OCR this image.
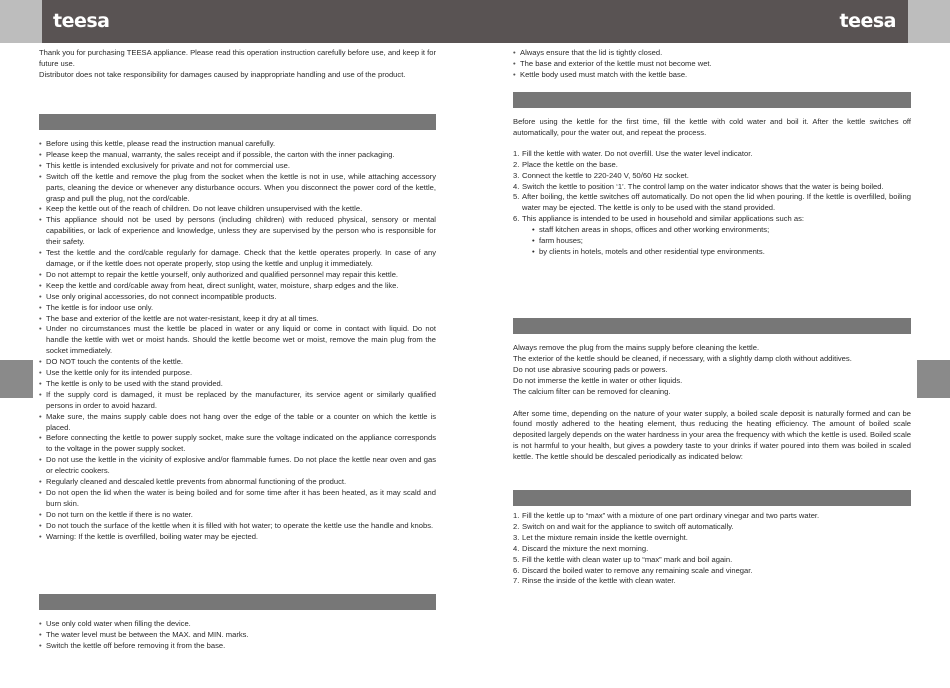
teesa	teesa

Thank you for purchasing TEESA appliance. Please read this operation instruction carefully before use, and keep it for future use.

Distributor does not take responsibility for damages caused by inappropriate handling and use of the product.

• Before using this kettle, please read the instruction manual carefully.
• Please keep the manual, warranty, the sales receipt and if possible, the carton with the inner packaging.
• This kettle is intended exclusively for private and not for commercial use.
• Switch off the kettle and remove the plug from the socket when the kettle is not in use, while attaching accessory parts, cleaning the device or whenever any disturbance occurs. When you disconnect the power cord of the kettle, grasp and pull the plug, not the cord/cable.
• Keep the kettle out of the reach of children. Do not leave children unsupervised with the kettle.
• This appliance should not be used by persons (including children) with reduced physical, sensory or mental capabilities, or lack of experience and knowledge, unless they are supervised by the person who is responsible for their safety.
• Test the kettle and the cord/cable regularly for damage. Check that the kettle operates properly. In case of any damage, or if the kettle does not operate properly, stop using the kettle and unplug it immediately.
• Do not attempt to repair the kettle yourself, only authorized and qualified personnel may repair this kettle.
• Keep the kettle and cord/cable away from heat, direct sunlight, water, moisture, sharp edges and the like.
• Use only original accessories, do not connect incompatible products.
• The kettle is for indoor use only.
• The base and exterior of the kettle are not water-resistant, keep it dry at all times.
• Under no circumstances must the kettle be placed in water or any liquid or come in contact with liquid. Do not handle the kettle with wet or moist hands. Should the kettle become wet or moist, remove the main plug from the socket immediately.
• DO NOT touch the contents of the kettle.
• Use the kettle only for its intended purpose.
• The kettle is only to be used with the stand provided.
• If the supply cord is damaged, it must be replaced by the manufacturer, its service agent or similarly qualified persons in order to avoid hazard.
• Make sure, the mains supply cable does not hang over the edge of the table or a counter on which the kettle is placed.
• Before connecting the kettle to power supply socket, make sure the voltage indicated on the appliance corresponds to the voltage in the power supply socket.
• Do not use the kettle in the vicinity of explosive and/or flammable fumes. Do not place the kettle near oven and gas or electric cookers.
• Regularly cleaned and descaled kettle prevents from abnormal functioning of the product.
• Do not open the lid when the water is being boiled and for some time after it has been heated, as it may scald and burn skin.
• Do not turn on the kettle if there is no water.
• Do not touch the surface of the kettle when it is filled with hot water; to operate the kettle use the handle and knobs.
• Warning: If the kettle is overfilled, boiling water may be ejected.
• Use only cold water when filling the device.
• The water level must be between the MAX. and MIN. marks.
• Switch the kettle off before removing it from the base.
• Always ensure that the lid is tightly closed.
• The base and exterior of the kettle must not become wet.
• Kettle body used must match with the kettle base.

Before using the kettle for the first time, fill the kettle with cold water and boil it. After the kettle switches off automatically, pour the water out, and repeat the process.

1. Fill the kettle with water. Do not overfill. Use the water level indicator.
2. Place the kettle on the base.
3. Connect the kettle to 220-240 V, 50/60 Hz socket.
4. Switch the kettle to position ‘1’. The control lamp on the water indicator shows that the water is being boiled.
5. After boiling, the kettle switches off automatically. Do not open the lid when pouring. If the kettle is overfilled, boiling water may be ejected. The kettle is only to be used with the stand provided.
6. This appliance is intended to be used in household and similar applications such as:
• staff kitchen areas in shops, offices and other working environments;
• farm houses;
• by clients in hotels, motels and other residential type environments.

Always remove the plug from the mains supply before cleaning the kettle.

The exterior of the kettle should be cleaned, if necessary, with a slightly damp cloth without additives.

Do not use abrasive scouring pads or powers.

Do not immerse the kettle in water or other liquids.

The calcium filter can be removed for cleaning.

After some time, depending on the nature of your water supply, a boiled scale deposit is naturally formed and can be found mostly adhered to the heating element, thus reducing the heating efficiency. The amount of boiled scale deposited largely depends on the water hardness in your area the frequency with which the kettle is used. Boiled scale is not harmful to your health, but gives a powdery taste to your drinks if water poured into them was boiled in scaled kettle. The kettle should be descaled periodically as indicated below:

1. Fill the kettle up to “max” with a mixture of one part ordinary vinegar and two parts water.
2. Switch on and wait for the appliance to switch off automatically.
3. Let the mixture remain inside the kettle overnight.
4. Discard the mixture the next morning.
5. Fill the kettle with clean water up to “max” mark and boil again.
6. Discard the boiled water to remove any remaining scale and vinegar.
7. Rinse the inside of the kettle with clean water.
